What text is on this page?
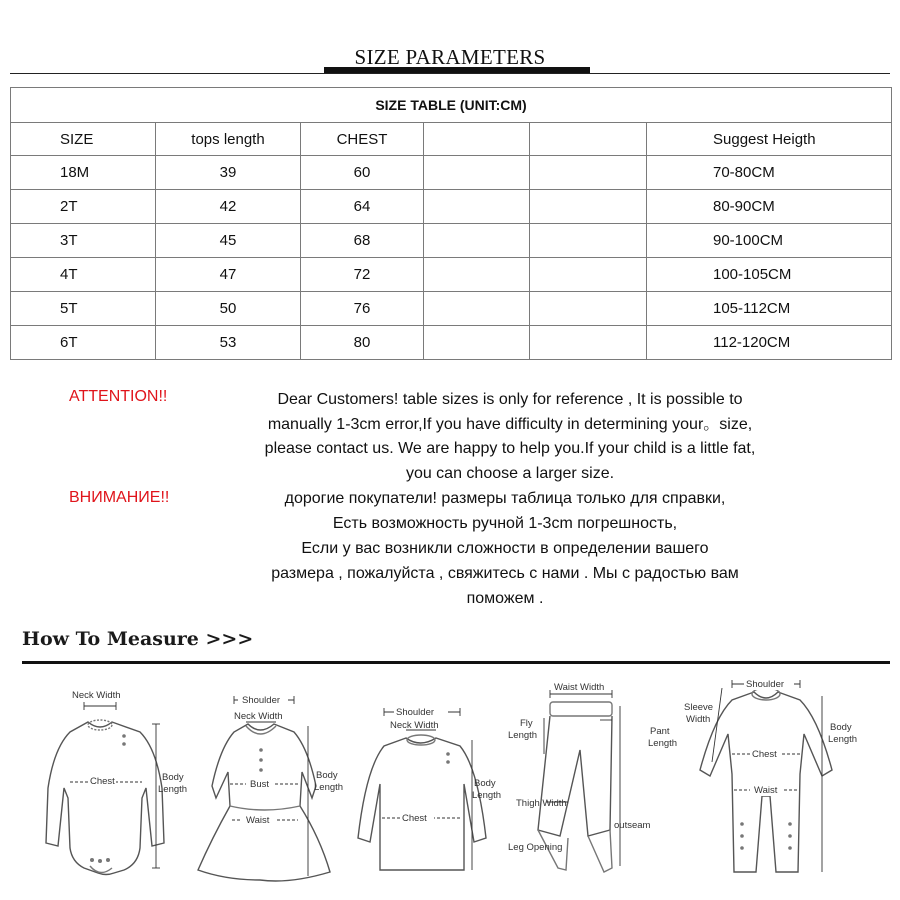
SIZE PARAMETERS
SIZE TABLE (UNIT:CM)					
SIZE	tops length	CHEST			Suggest Heigth
18M	39	60			70-80CM
2T	42	64			80-90CM
3T	45	68			90-100CM
4T	47	72			100-105CM
5T	50	76			105-112CM
6T	53	80			112-120CM
ATTENTION!!	Dear Customers! table sizes is only for reference , It is possible to
manually 1-3cm error,If you have difficulty in determining your。size,
please contact us. We are happy to help you.If your child is a little fat,
you can choose a larger size.
ВНИМАНИЕ!!	дорогие покупатели! размеры таблица только для справки,
Есть возможность ручной 1-3cm погрешность,
Если у вас возникли сложности в определении вашего
размера , пожалуйста , свяжитесь с нами . Мы с радостью вам
поможем .
How To Measure >>>
Neck Width
Chest	Body
Length
Shoulder
Neck Width
Bust
Waist
Body
Length
Shoulder
Neck Width
Chest
Body
Length
Waist Width
Fly
Length	Pant
Length
Thigh Width
outseam
Leg Opening
Shoulder
Sleeve
Width
Chest
Waist
Body
Length
